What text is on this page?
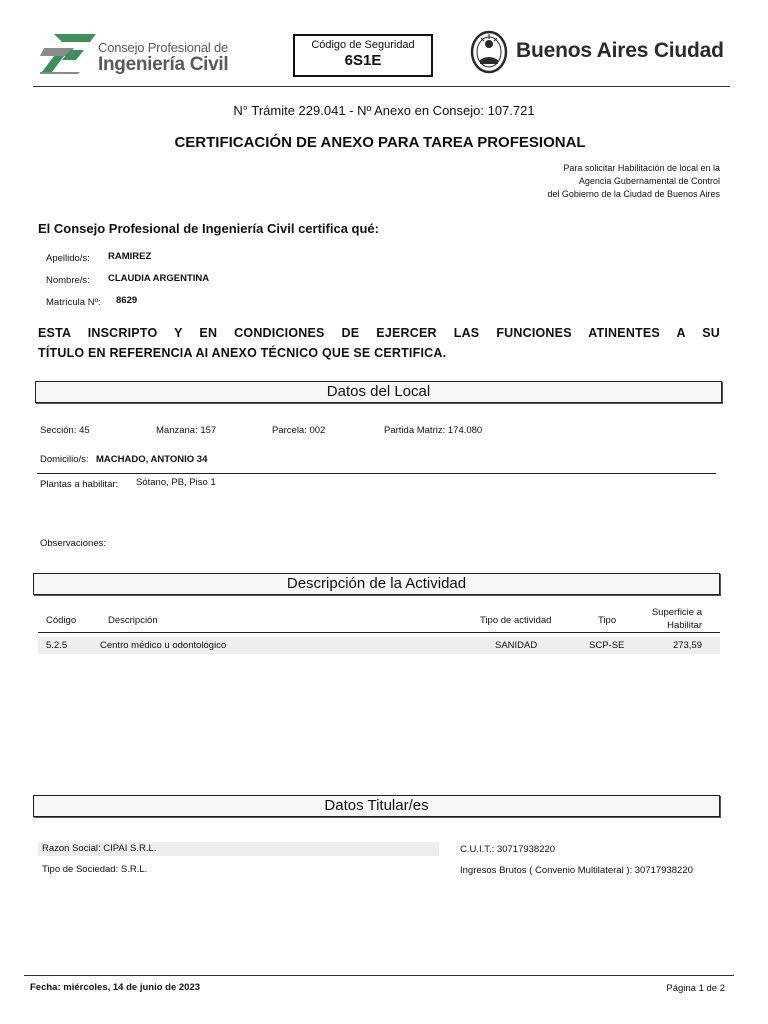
Consejo Profesional de
Ingeniería Civil
Código de Seguridad
6S1E	Buenos Aires Ciudad
N° Trámite 229.041 - Nº Anexo en Consejo: 107.721
CERTIFICACIÓN DE ANEXO PARA TAREA PROFESIONAL
Para solicitar Habilitación de local en la
Agencia Gubernamental de Control
del Gobierno de la Ciudad de Buenos Aires
El Consejo Profesional de Ingeniería Civil certifica qué:
Apellido/s: RAMIREZ
Nombre/s: CLAUDIA ARGENTINA
Matrícula Nº: 8629
ESTA INSCRIPTO Y EN CONDICIONES DE EJERCER LAS FUNCIONES ATINENTES A SU
TÍTULO EN REFERENCIA AI ANEXO TÉCNICO QUE SE CERTIFICA.
Datos del Local
Sección: 45	Manzana: 157	Parcela: 002	Partida Matriz: 174.080
Domicilio/s: MACHADO, ANTONIO 34
Plantas a habilitar: Sótano, PB, Piso 1
Observaciones:
Descripción de la Actividad
Código	Descripción	Tipo de actividad	Tipo
Superficie a
Habilitar
5.2.5	Centro médico u odontológico	SANIDAD	SCP-SE	273,59
Datos Titular/es
Razon Social: CIPAI S.R.L.
Tipo de Sociedad: S.R.L.
C.U.I.T.: 30717938220
Ingresos Brutos ( Convenio Multilateral ): 30717938220
Fecha: miércoles, 14 de junio de 2023	Página 1 de 2
